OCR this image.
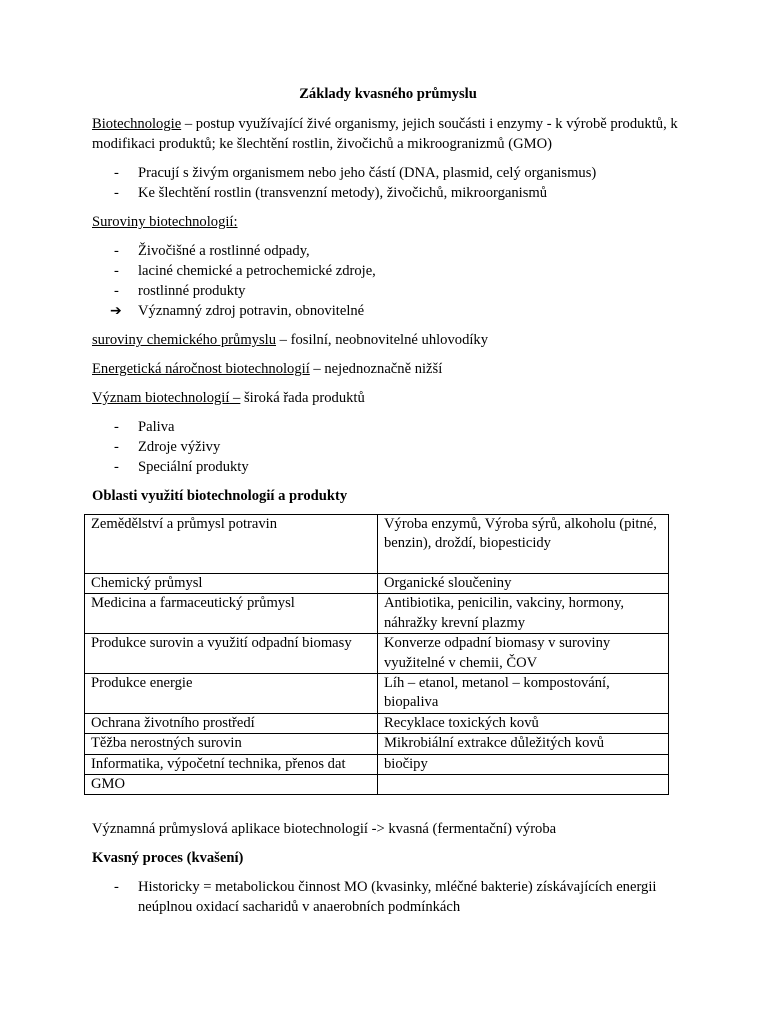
Základy kvasného průmyslu

Biotechnologie – postup využívající živé organismy, jejich součásti i enzymy - k výrobě produktů, k modifikaci produktů; ke šlechtění rostlin, živočichů a mikroogranizmů (GMO)

-	Pracují s živým organismem nebo jeho částí (DNA, plasmid, celý organismus)
-	Ke šlechtění rostlin (transvenzní metody), živočichů, mikroorganismů

Suroviny biotechnologií:

-	Živočišné a rostlinné odpady,
-	laciné chemické a petrochemické zdroje,
-	rostlinné produkty
➔	Významný zdroj potravin, obnovitelné

suroviny chemického průmyslu – fosilní, neobnovitelné uhlovodíky

Energetická náročnost biotechnologií – nejednoznačně nižší

Význam biotechnologií – široká řada produktů

-	Paliva
-	Zdroje výživy
-	Speciální produkty

Oblasti využití biotechnologií a produkty

Zemědělství a průmysl potravin	Výroba enzymů, Výroba sýrů, alkoholu (pitné, benzin), droždí, biopesticidy
Chemický průmysl	Organické sloučeniny
Medicina a farmaceutický průmysl	Antibiotika, penicilin, vakciny, hormony, náhražky krevní plazmy
Produkce surovin a využití odpadní biomasy	Konverze odpadní biomasy v suroviny využitelné v chemii, ČOV
Produkce energie	Líh – etanol, metanol – kompostování, biopaliva
Ochrana životního prostředí	Recyklace toxických kovů
Těžba nerostných surovin	Mikrobiální extrakce důležitých kovů
Informatika, výpočetní technika, přenos dat	biočipy
GMO	

Významná průmyslová aplikace biotechnologií -> kvasná (fermentační) výroba

Kvasný proces (kvašení)

-	Historicky = metabolickou činnost MO (kvasinky, mléčné bakterie) získávajících energii neúplnou oxidací sacharidů v anaerobních podmínkách
